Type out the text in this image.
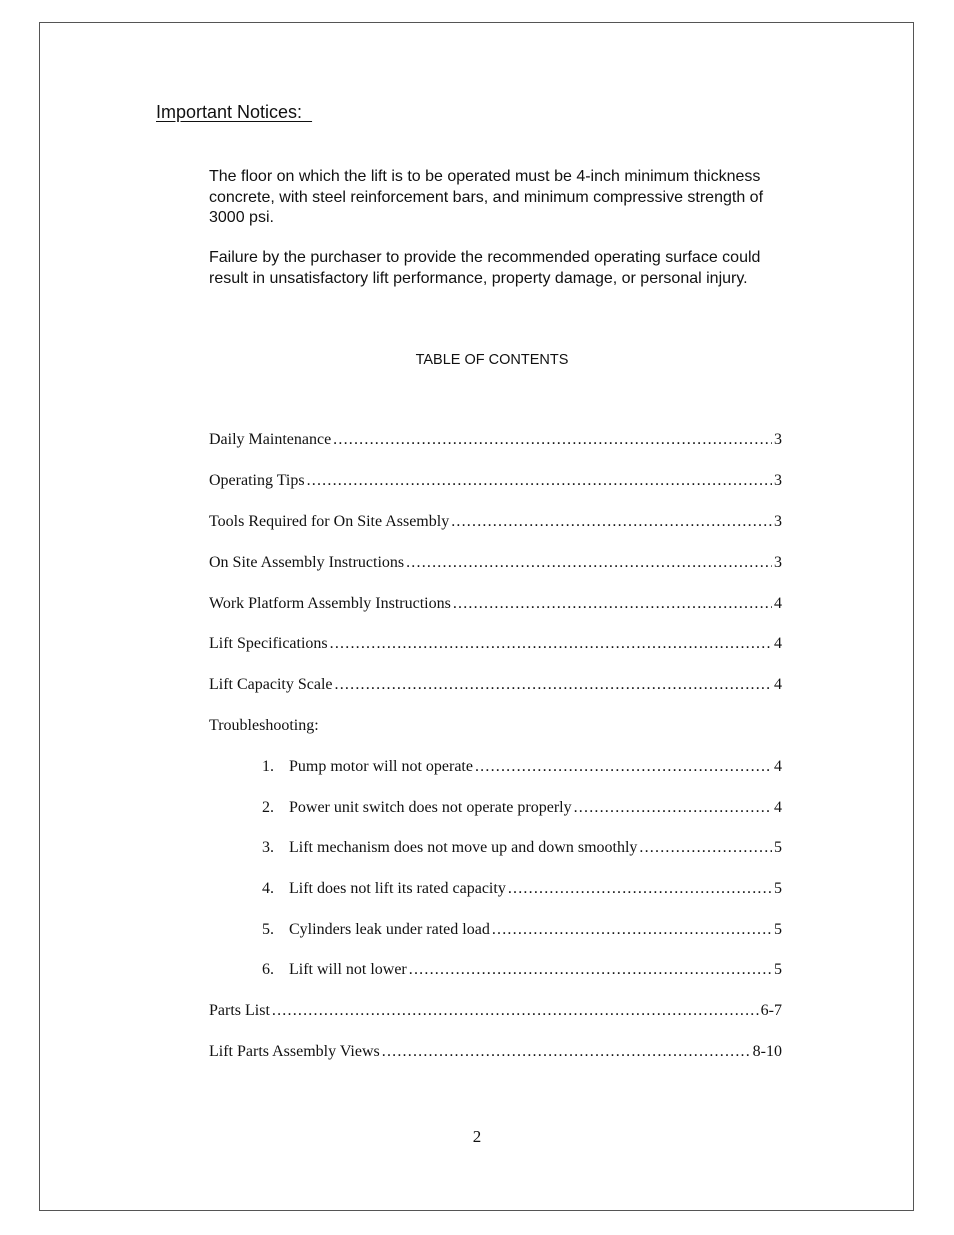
Important Notices:

The floor on which the lift is to be operated must be 4-inch minimum thickness concrete, with steel reinforcement bars, and minimum compressive strength of 3000 psi.

Failure by the purchaser to provide the recommended operating surface could result in unsatisfactory lift performance, property damage, or personal injury.

TABLE OF CONTENTS
Daily Maintenance .....	3
Operating Tips .....	3
Tools Required for On Site Assembly .....	3
On Site Assembly Instructions .....	3
Work Platform Assembly Instructions .....	4
Lift Specifications .....	4
Lift Capacity Scale .....	4
Troubleshooting:
1. Pump motor will not operate .....	4
2. Power unit switch does not operate properly .....	4
3. Lift mechanism does not move up and down smoothly .....	5
4. Lift does not lift its rated capacity .....	5
5. Cylinders leak under rated load .....	5
6. Lift will not lower .....	5
Parts List .....	6-7
Lift Parts Assembly Views .....	8-10
2
